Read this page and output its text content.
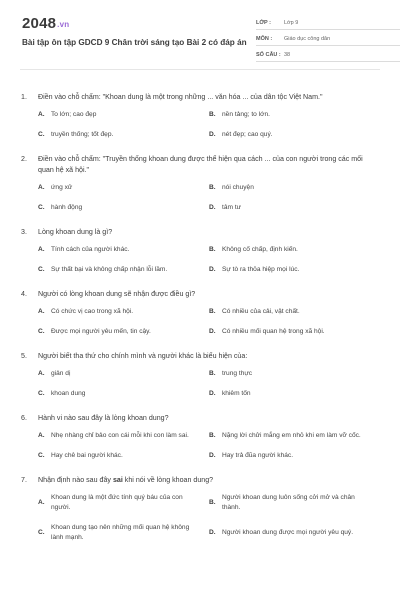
2048.vn
Bài tập ôn tập GDCD 9 Chân trời sáng tạo Bài 2 có đáp án
LỚP :	Lớp 9
MÔN :	Giáo dục công dân
SỐ CÂU : 38
1.	Điền vào chỗ chấm: "Khoan dung là một trong những ... văn hóa ... của dân tộc Việt Nam."
A. To lớn; cao đẹp	B. nền tảng; to lớn.
C. truyền thống; tốt đẹp.	D. nét đẹp; cao quý.
2.	Điền vào chỗ chấm: "Truyền thống khoan dung được thể hiện qua cách ... của con người trong các mối quan hệ xã hội."
A. ứng xử	B. nói chuyện
C. hành động	D. tâm tư
3.	Lòng khoan dung là gì?
A. Tính cách của người khác.	B. Không cố chấp, định kiến.
C. Sự thất bại và không chấp nhận lỗi lầm.	D. Sự tò ra thỏa hiệp mọi lúc.
4.	Người có lòng khoan dung sẽ nhận được điều gì?
A. Có chức vị cao trong xã hội.	B. Có nhiều của cải, vật chất.
C. Được mọi người yêu mến, tin cậy.	D. Có nhiều mối quan hệ trong xã hội.
5.	Người biết tha thứ cho chính mình và người khác là biểu hiện của:
A. giản dị	B. trung thực
C. khoan dung	D. khiêm tốn
6.	Hành vi nào sau đây là lòng khoan dung?
A. Nhẹ nhàng chỉ bảo con cái mỗi khi con làm sai.	B. Nặng lời chửi mắng em nhỏ khi em làm vỡ cốc.
C. Hay chê bai người khác.	D. Hay trả đũa người khác.
7.	Nhận định nào sau đây sai khi nói về lòng khoan dung?
A.
Khoan dung là một đức tính quý báu của con người.
B.
Người khoan dung luôn sống cởi mở và chân thành.
C.
Khoan dung tạo nên những mối quan hệ không lành mạnh.
D. Người khoan dung được mọi người yêu quý.
